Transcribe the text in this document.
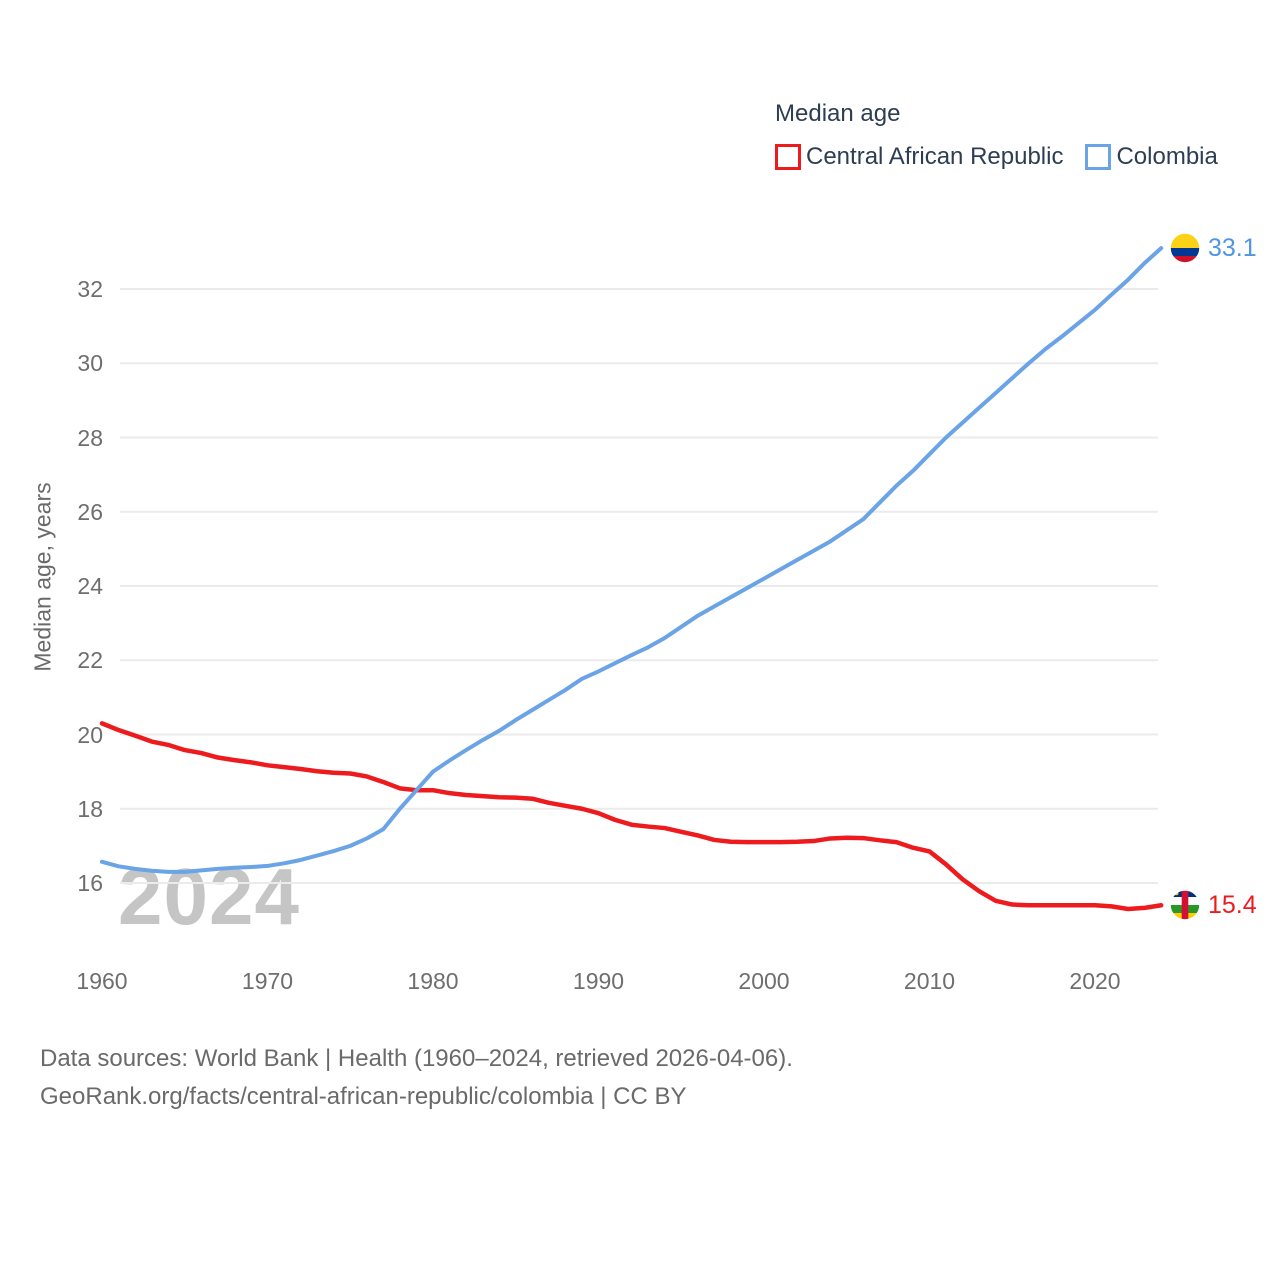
2024
Median age, years
16
18
20
22
24
26
28
30
32
1960	1970	1980	1990	2000	2010	2020
Median age
Central African Republic Colombia
33.1
15.4
Data sources: World Bank | Health (1960–2024, retrieved 2026-04-06).
GeoRank.org/facts/central-african-republic/colombia | CC BY
